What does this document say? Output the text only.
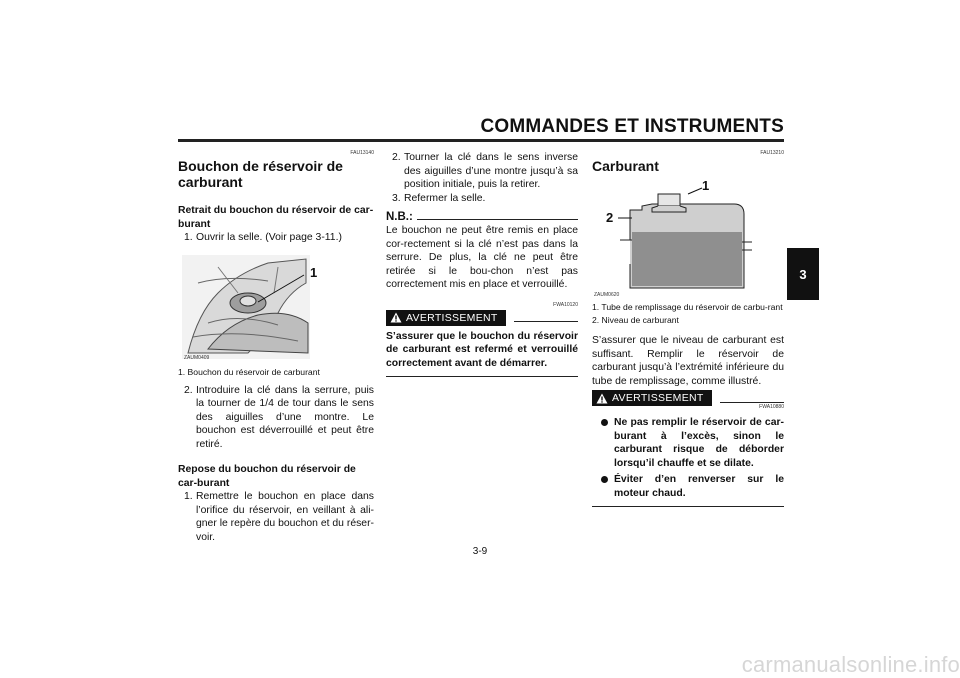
COMMANDES ET INSTRUMENTS
3
FAU13140
Bouchon de réservoir de carburant
Retrait du bouchon du réservoir de car-burant
1. Ouvrir la selle. (Voir page 3-11.)
1
ZAUM0409
1. Bouchon du réservoir de carburant
2. Introduire la clé dans la serrure, puis la tourner de 1/4 de tour dans le sens des aiguilles d’une montre. Le bouchon est déverrouillé et peut être retiré.
Repose du bouchon du réservoir de car-burant
1. Remettre le bouchon en place dans l’orifice du réservoir, en veillant à ali-gner le repère du bouchon et du réser-voir.
2. Tourner la clé dans le sens inverse des aiguilles d’une montre jusqu’à sa position initiale, puis la retirer.
3. Refermer la selle.
N.B.:
Le bouchon ne peut être remis en place cor-rectement si la clé n’est pas dans la serrure. De plus, la clé ne peut être retirée si le bou-chon n’est pas correctement mis en place et verrouillé.
FWA10120
AVERTISSEMENT
S’assurer que le bouchon du réservoir de carburant est refermé et verrouillé correctement avant de démarrer.
FAU13210
Carburant
1
2
ZAUM0620
1. Tube de remplissage du réservoir de carbu-rant
2. Niveau de carburant
S’assurer que le niveau de carburant est suffisant. Remplir le réservoir de carburant jusqu’à l’extrémité inférieure du tube de remplissage, comme illustré.
AVERTISSEMENT
FWA10880
Ne pas remplir le réservoir de car-burant à l’excès, sinon le carburant risque de déborder lorsqu’il chauffe et se dilate.
Éviter d’en renverser sur le moteur chaud.
3-9
carmanualsonline.info
